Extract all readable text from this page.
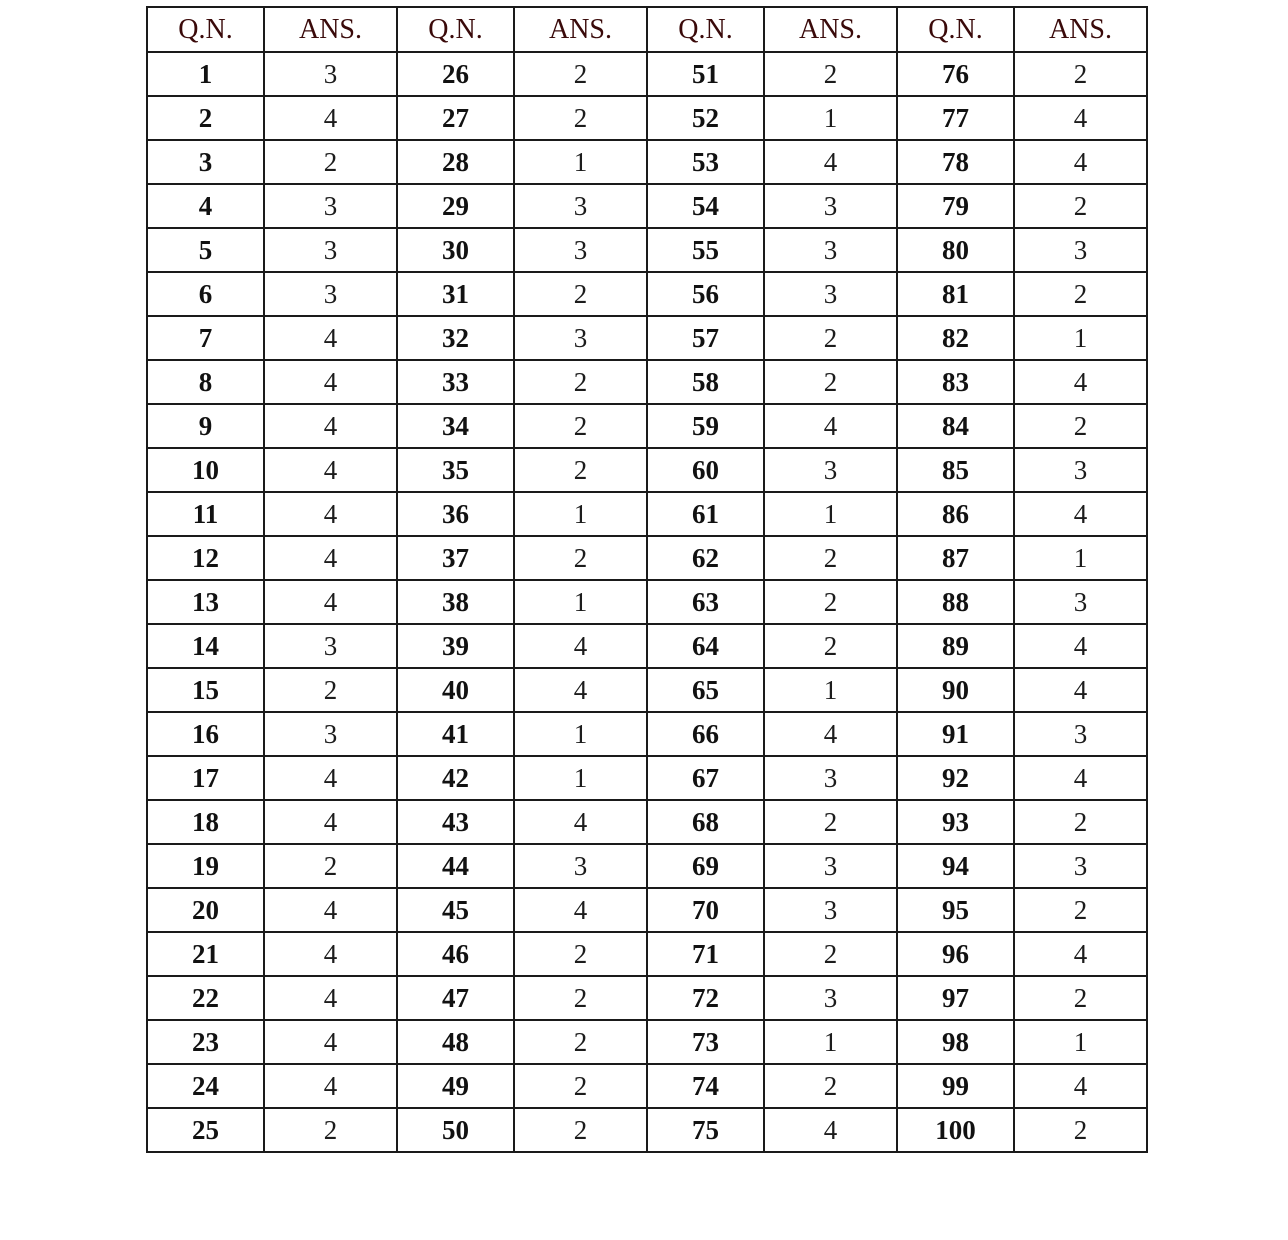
Q.N.	ANS.	Q.N.	ANS.	Q.N.	ANS.	Q.N.	ANS.
1	3	26	2	51	2	76	2
2	4	27	2	52	1	77	4
3	2	28	1	53	4	78	4
4	3	29	3	54	3	79	2
5	3	30	3	55	3	80	3
6	3	31	2	56	3	81	2
7	4	32	3	57	2	82	1
8	4	33	2	58	2	83	4
9	4	34	2	59	4	84	2
10	4	35	2	60	3	85	3
11	4	36	1	61	1	86	4
12	4	37	2	62	2	87	1
13	4	38	1	63	2	88	3
14	3	39	4	64	2	89	4
15	2	40	4	65	1	90	4
16	3	41	1	66	4	91	3
17	4	42	1	67	3	92	4
18	4	43	4	68	2	93	2
19	2	44	3	69	3	94	3
20	4	45	4	70	3	95	2
21	4	46	2	71	2	96	4
22	4	47	2	72	3	97	2
23	4	48	2	73	1	98	1
24	4	49	2	74	2	99	4
25	2	50	2	75	4	100	2
